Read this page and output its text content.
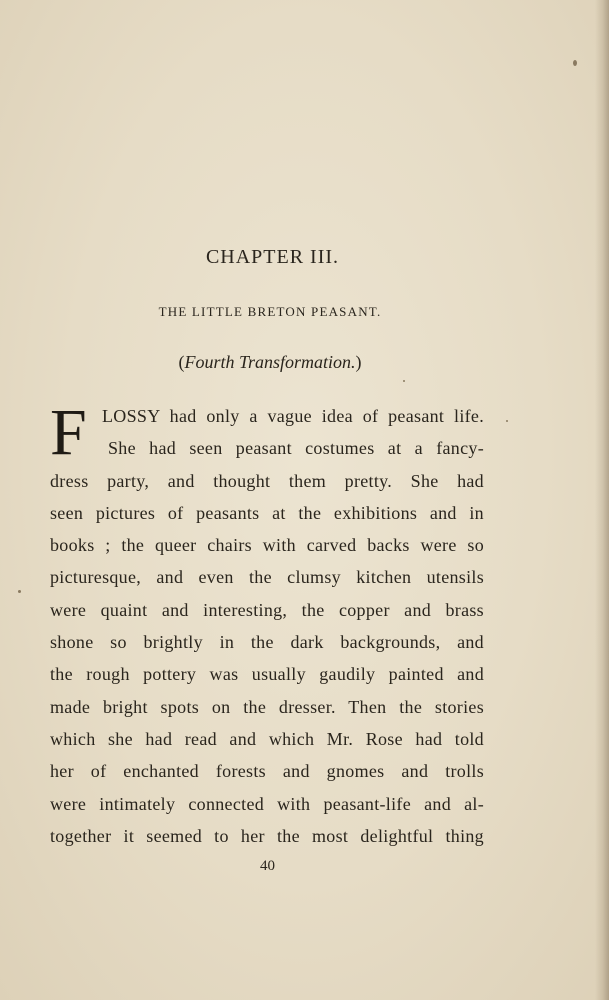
CHAPTER III.
THE LITTLE BRETON PEASANT.
(Fourth Transformation.)
F LOSSY had only a vague idea of peasant life.
She had seen peasant costumes at a fancy-
dress party, and thought them pretty. She had
seen pictures of peasants at the exhibitions and in
books ; the queer chairs with carved backs were so
picturesque, and even the clumsy kitchen utensils
were quaint and interesting, the copper and brass
shone so brightly in the dark backgrounds, and
the rough pottery was usually gaudily painted and
made bright spots on the dresser. Then the stories
which she had read and which Mr. Rose had told
her of enchanted forests and gnomes and trolls
were intimately connected with peasant-life and al-
together it seemed to her the most delightful thing
40
